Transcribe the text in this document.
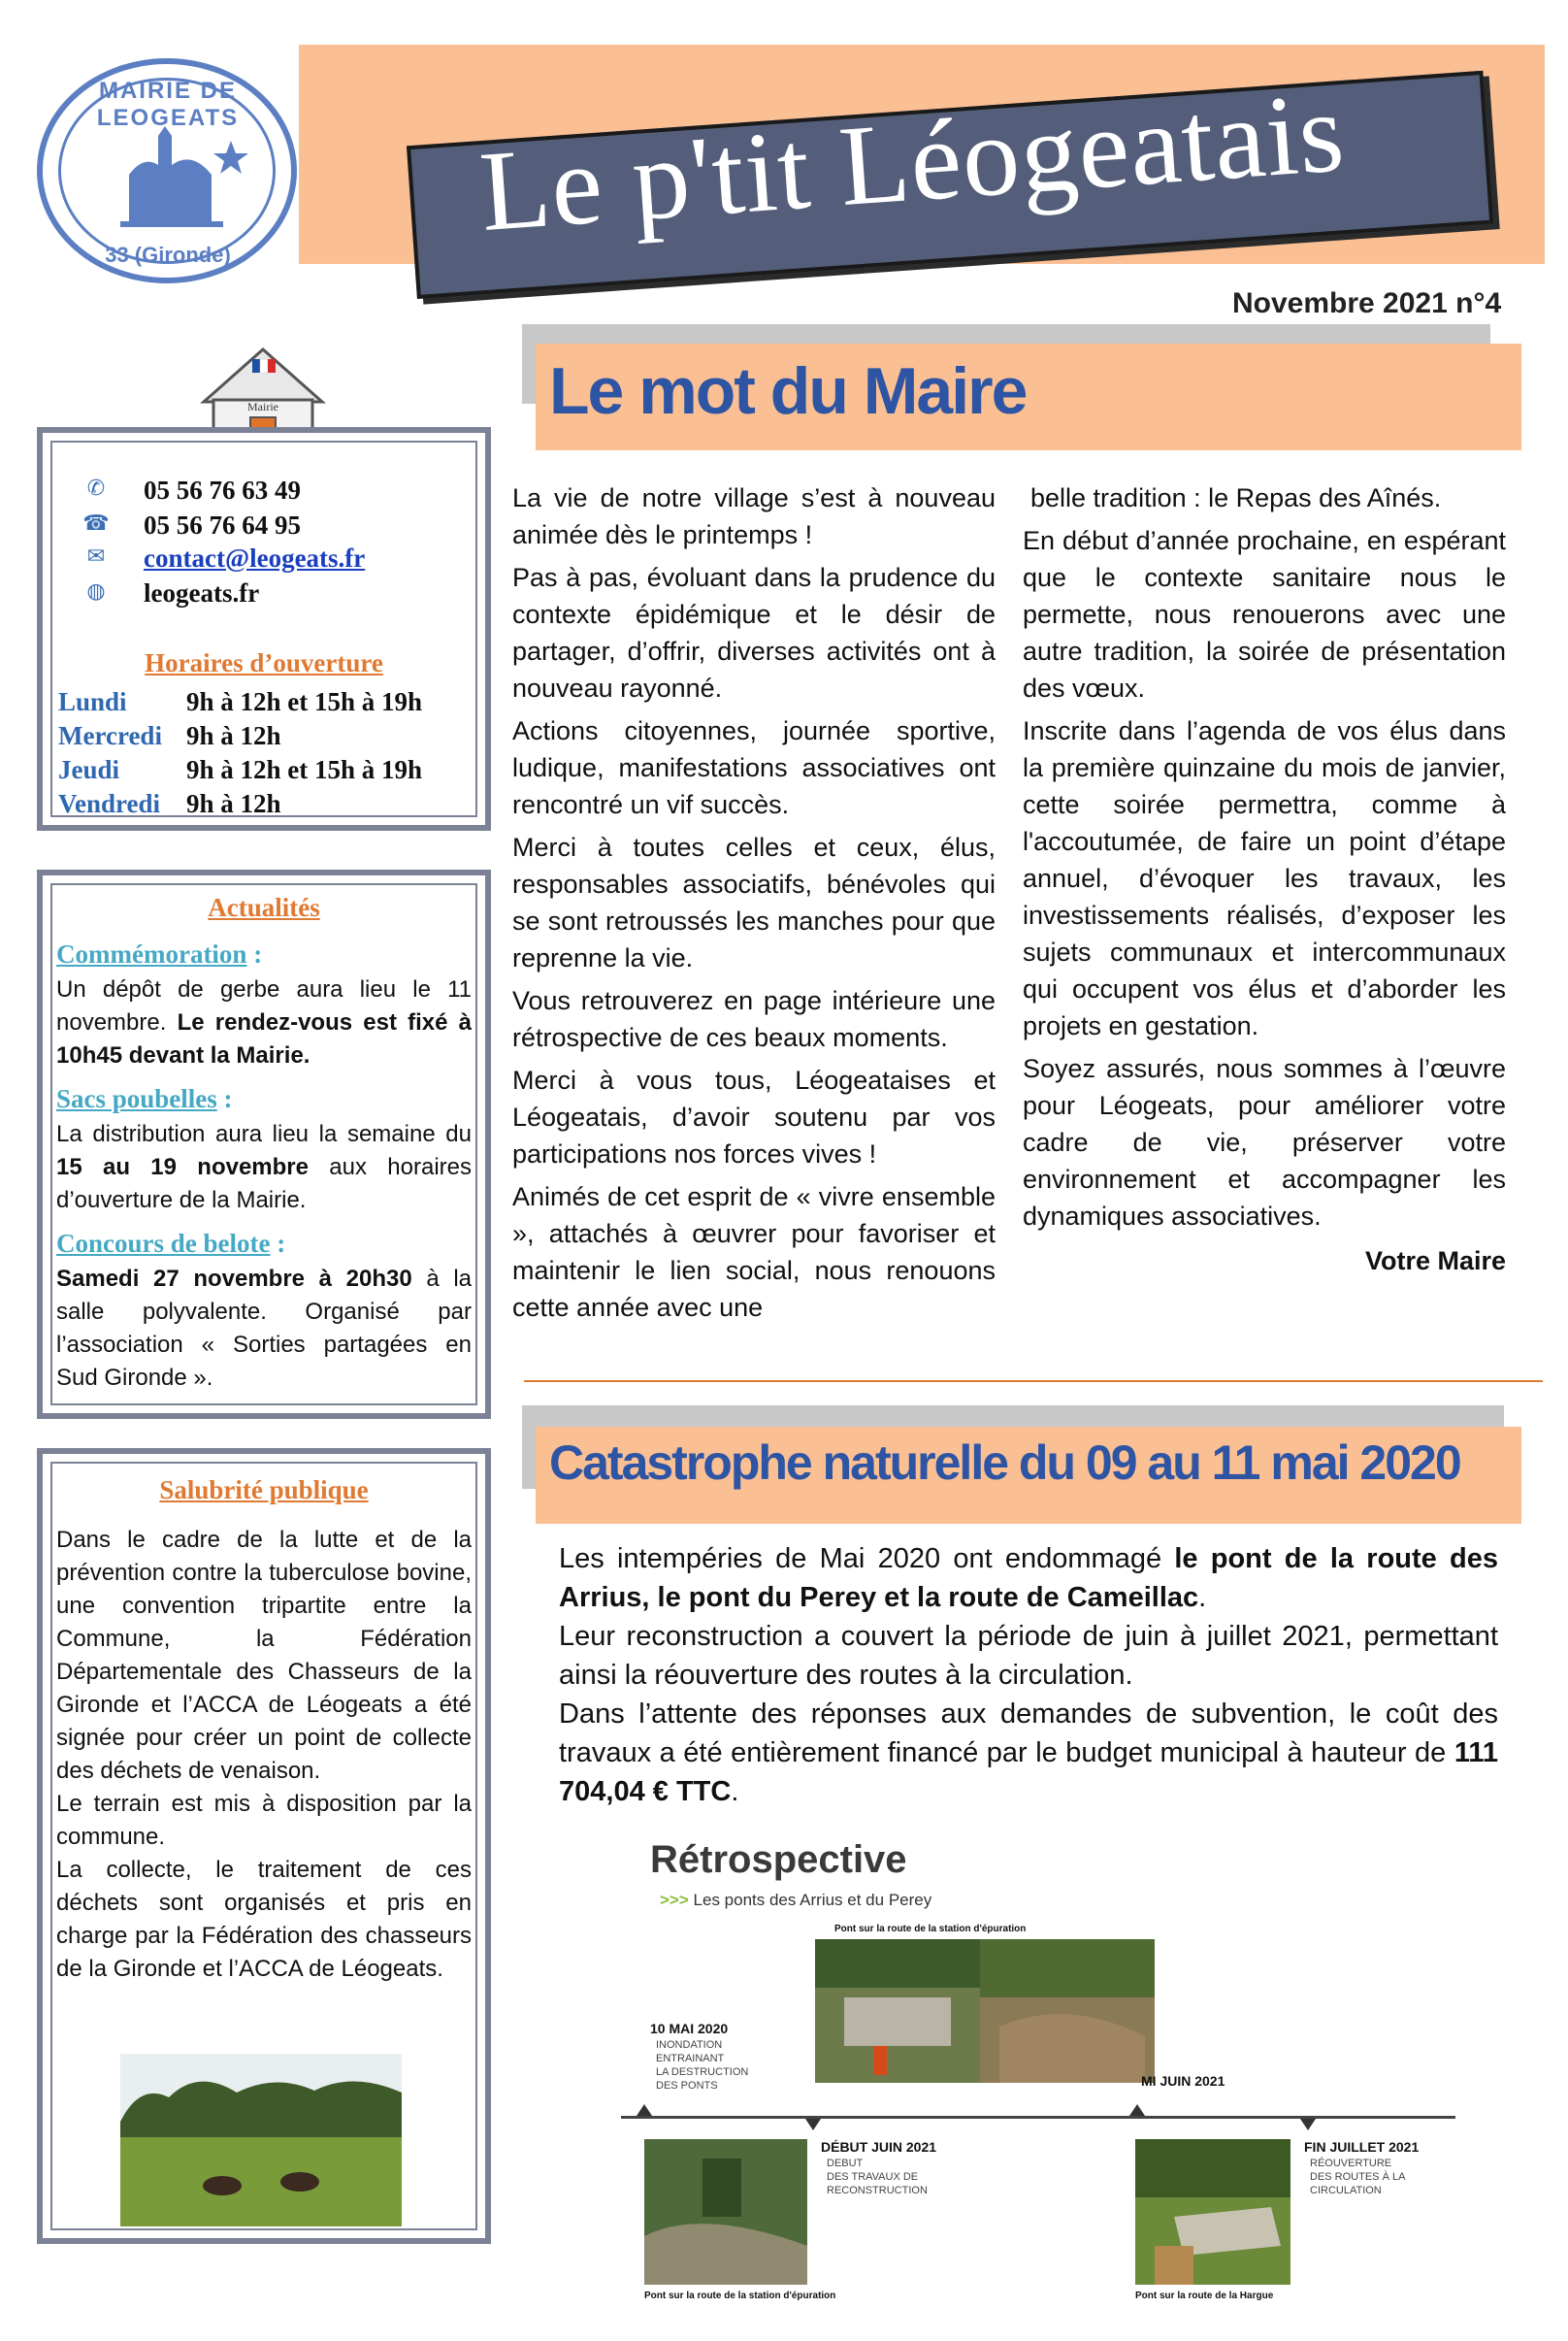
MAIRIE DE LEOGEATS
33 (Gironde) Le p'tit Léogeatais
Novembre 2021 n°4
Mairie
✆ 05 56 76 63 49
☎ 05 56 76 64 95
✉ contact@leogeats.fr
◍ leogeats.fr
Horaires d’ouverture
Lundi 9h à 12h et 15h à 19h
Mercredi 9h à 12h
Jeudi	9h à 12h et 15h à 19h
Vendredi 9h à 12h
Actualités
Commémoration :
Un dépôt de gerbe aura lieu le 11 novembre. Le rendez-vous est fixé à 10h45 devant la Mairie.
Sacs poubelles :
La distribution aura lieu la semaine du 15 au 19 novembre aux horaires d’ouverture de la Mairie.
Concours de belote :
Samedi 27 novembre à 20h30 à la salle polyvalente. Organisé par l’association « Sorties partagées en Sud Gironde ».
Salubrité publique
Dans le cadre de la lutte et de la prévention contre la tuberculose bovine, une convention tripartite entre la Commune, la Fédération Départementale des Chasseurs de la Gironde et l’ACCA de Léogeats a été signée pour créer un point de collecte des déchets de venaison.
Le terrain est mis à disposition par la commune.
La collecte, le traitement de ces déchets sont organisés et pris en charge par la Fédération des chasseurs de la Gironde et l’ACCA de Léogeats.
Le mot du Maire

La vie de notre village s’est à nouveau animée dès le printemps !

Pas à pas, évoluant dans la prudence du contexte épidémique et le désir de partager, d’offrir, diverses activités ont à nouveau rayonné.

Actions citoyennes, journée sportive, ludique, manifestations associatives ont rencontré un vif succès.

Merci à toutes celles et ceux, élus, responsables associatifs, bénévoles qui se sont retroussés les manches pour que reprenne la vie.

Vous retrouverez en page intérieure une rétrospective de ces beaux moments.

Merci à vous tous, Léogeataises et Léogeatais, d’avoir soutenu par vos participations nos forces vives !

Animés de cet esprit de « vivre ensemble », attachés à œuvrer pour favoriser et maintenir le lien social, nous renouons cette année avec une

belle tradition : le Repas des Aînés.

En début d’année prochaine, en espérant que le contexte sanitaire nous le permette, nous renouerons avec une autre tradition, la soirée de présentation des vœux.

Inscrite dans l’agenda de vos élus dans la première quinzaine du mois de janvier, cette soirée permettra, comme à l'accoutumée, de faire un point d’étape annuel, d’évoquer les travaux, les investissements réalisés, d’exposer les sujets communaux et intercommunaux qui occupent vos élus et d’aborder les projets en gestation.

Soyez assurés, nous sommes à l’œuvre pour Léogeats, pour améliorer votre cadre de vie, préserver votre environnement et accompagner les dynamiques associatives.

Votre Maire

Catastrophe naturelle du 09 au 11 mai 2020

Les intempéries de Mai 2020 ont endommagé le pont de la route des Arrius, le pont du Perey et la route de Cameillac.

Leur reconstruction a couvert la période de juin à juillet 2021, permettant ainsi la réouverture des routes à la circulation.

Dans l’attente des réponses aux demandes de subvention, le coût des travaux a été entièrement financé par le budget municipal à hauteur de 111 704,04 € TTC.

Rétrospective
>>> Les ponts des Arrius et du Perey
Pont sur la route de la station d'épuration
10 MAI 2020
INONDATION
ENTRAINANT
LA DESTRUCTION
DES PONTS
DÉBUT JUIN 2021
DEBUT
DES TRAVAUX DE
RECONSTRUCTION
MI JUIN 2021
FIN JUILLET 2021
RÉOUVERTURE
DES ROUTES À LA
CIRCULATION
Pont sur la route de la station d'épuration	Pont sur la route de la Hargue
